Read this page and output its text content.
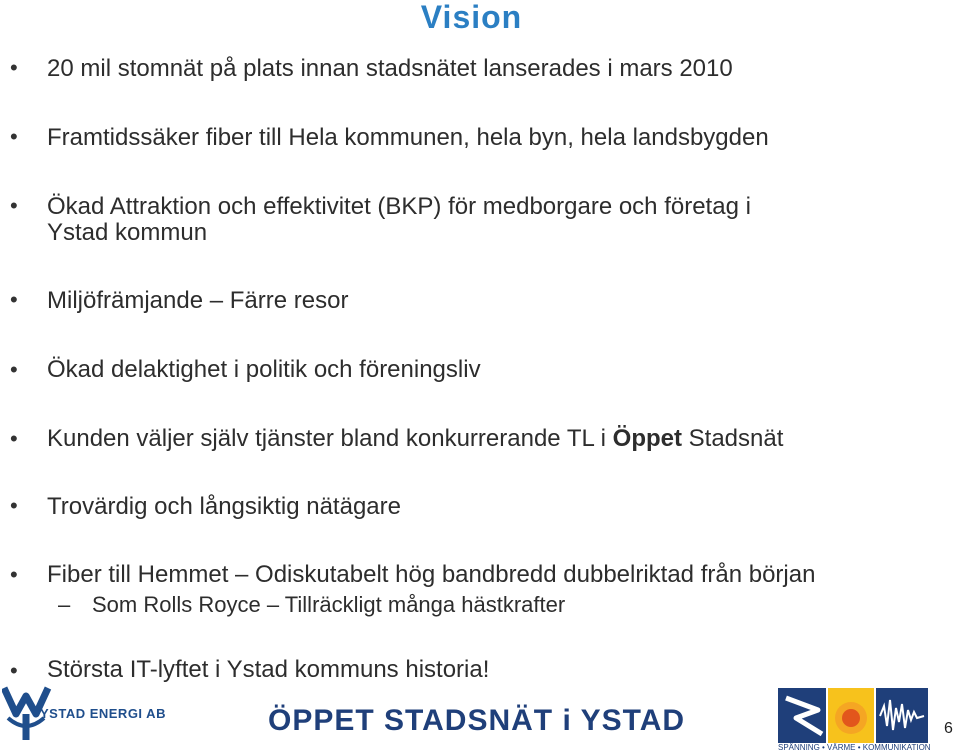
Vision
•	20 mil stomnät på plats innan stadsnätet lanserades i mars 2010
•	Framtidssäker fiber till Hela kommunen, hela byn, hela landsbygden
•	Ökad Attraktion och effektivitet (BKP) för medborgare och företag i
Ystad kommun
•	Miljöfrämjande – Färre resor
•	Ökad delaktighet i politik och föreningsliv
•	Kunden väljer själv tjänster bland konkurrerande TL i Öppet Stadsnät
•	Trovärdig och långsiktig nätägare
•	Fiber till Hemmet – Odiskutabelt hög bandbredd dubbelriktad från början
– Som Rolls Royce – Tillräckligt många hästkrafter
•	Största IT-lyftet i Ystad kommuns historia!
YSTAD ENERGI AB	ÖPPET STADSNÄT i YSTAD
SPÄNNING • VÄRME • KOMMUNIKATION
6
